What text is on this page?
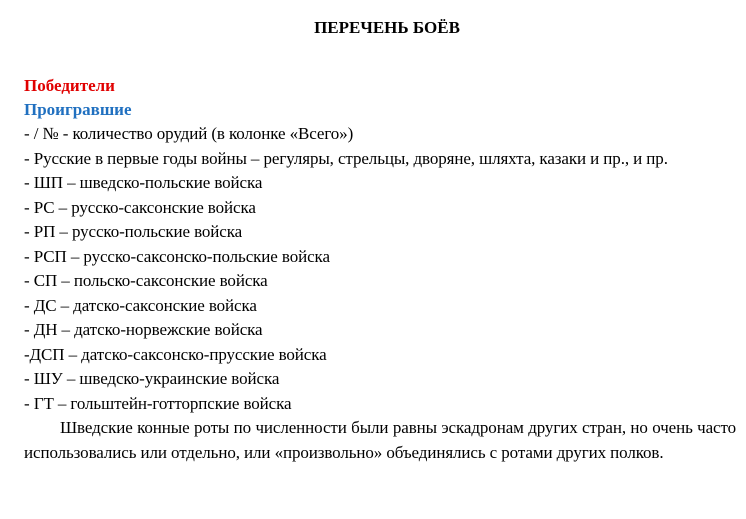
ПЕРЕЧЕНЬ БОЁВ

Победители

Проигравшие

- / № - количество орудий (в колонке «Всего»)

- Русские в первые годы войны – регуляры, стрельцы, дворяне, шляхта, казаки и пр., и пр.

- ШП – шведско-польские войска

- РС – русско-саксонские войска

- РП – русско-польские войска

- РСП – русско-саксонско-польские войска

- СП – польско-саксонские войска

- ДС – датско-саксонские войска

- ДН – датско-норвежские войска

-ДСП – датско-саксонско-прусские войска

- ШУ – шведско-украинские войска

- ГТ – гольштейн-готторпские войска

Шведские конные роты по численности были равны эскадронам других стран, но очень часто использовались или отдельно, или «произвольно» объединялись с ротами других полков.
